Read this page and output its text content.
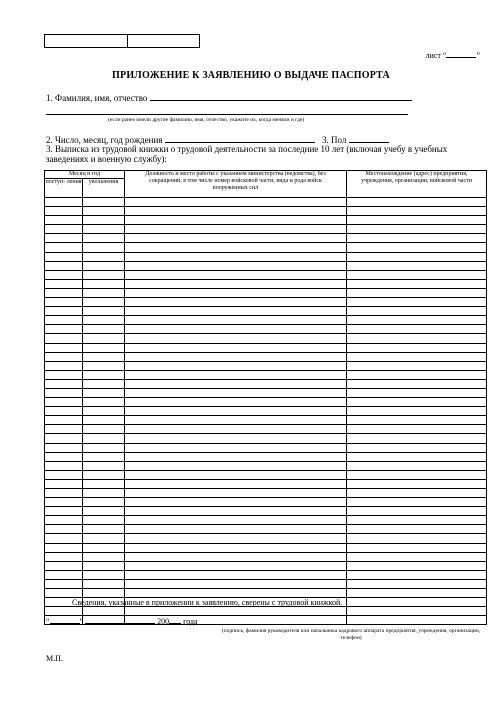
лист “	”
ПРИЛОЖЕНИЕ К ЗАЯВЛЕНИЮ О ВЫДАЧЕ ПАСПОРТА
1. Фамилия, имя, отчество
(если ранее имели другие фамилию, имя, отчество, укажите их, когда меняли и где)
2. Число, месяц, год рождения	3. Пол
3. Выписка из трудовой книжки о трудовой деятельности за последние 10 лет (включая учебу в учебных заведениях и военную службу):
Месяц и год		Должность и место работы с указанием министерства (ведомства), без сокращений, в том числе номер войсковой части, вида и рода войск вооруженных сил	Местонахождение (адрес) предприятия, учреждения, организации, войсковой части
поступ- ления	увольнения		

Сведения, указанные в приложении к заявлению, сверены с трудовой книжкой.
“	”	200 года
(подпись, фамилия руководителя или начальника кадрового аппарата предприятия, учреждения, организации, телефон)
М.П.
